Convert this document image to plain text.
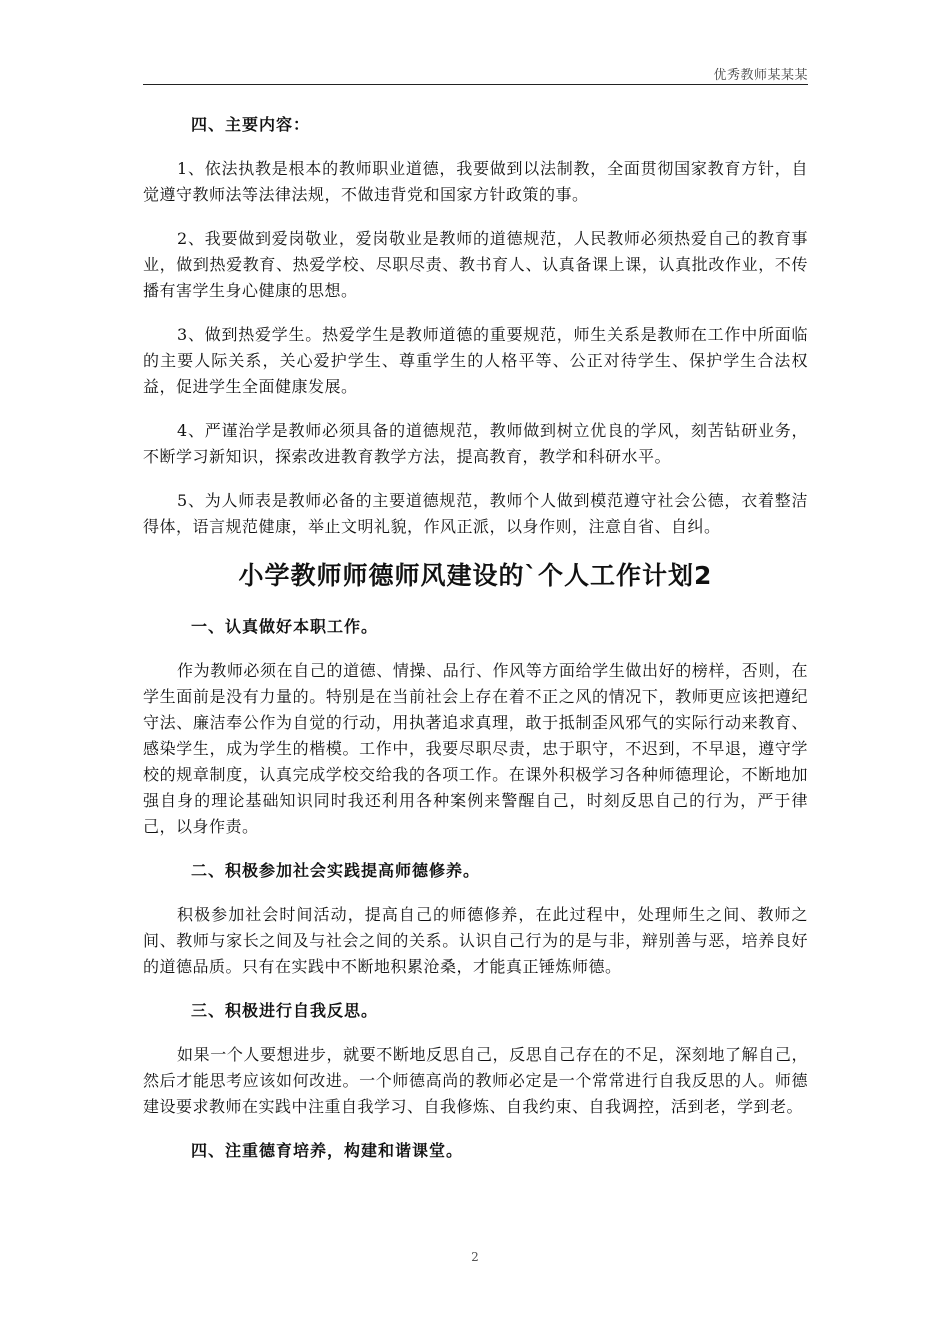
优秀教师某某某

四、主要内容：

1、依法执教是根本的教师职业道德，我要做到以法制教，全面贯彻国家教育方针，自觉遵守教师法等法律法规，不做违背党和国家方针政策的事。

2、我要做到爱岗敬业，爱岗敬业是教师的道德规范，人民教师必须热爱自己的教育事业，做到热爱教育、热爱学校、尽职尽责、教书育人、认真备课上课，认真批改作业，不传播有害学生身心健康的思想。

3、做到热爱学生。热爱学生是教师道德的重要规范，师生关系是教师在工作中所面临的主要人际关系，关心爱护学生、尊重学生的人格平等、公正对待学生、保护学生合法权益，促进学生全面健康发展。

4、严谨治学是教师必须具备的道德规范，教师做到树立优良的学风，刻苦钻研业务，不断学习新知识，探索改进教育教学方法，提高教育，教学和科研水平。

5、为人师表是教师必备的主要道德规范，教师个人做到模范遵守社会公德，衣着整洁得体，语言规范健康，举止文明礼貌，作风正派，以身作则，注意自省、自纠。

小学教师师德师风建设的`个人工作计划2

一、认真做好本职工作。

作为教师必须在自己的道德、情操、品行、作风等方面给学生做出好的榜样，否则，在学生面前是没有力量的。特别是在当前社会上存在着不正之风的情况下，教师更应该把遵纪守法、廉洁奉公作为自觉的行动，用执著追求真理，敢于抵制歪风邪气的实际行动来教育、感染学生，成为学生的楷模。工作中，我要尽职尽责，忠于职守，不迟到，不早退，遵守学校的规章制度，认真完成学校交给我的各项工作。在课外积极学习各种师德理论，不断地加强自身的理论基础知识同时我还利用各种案例来警醒自己，时刻反思自己的行为，严于律己，以身作责。

二、积极参加社会实践提高师德修养。

积极参加社会时间活动，提高自己的师德修养，在此过程中，处理师生之间、教师之间、教师与家长之间及与社会之间的关系。认识自己行为的是与非，辩别善与恶，培养良好的道德品质。只有在实践中不断地积累沧桑，才能真正锤炼师德。

三、积极进行自我反思。

如果一个人要想进步，就要不断地反思自己，反思自己存在的不足，深刻地了解自己，然后才能思考应该如何改进。一个师德高尚的教师必定是一个常常进行自我反思的人。师德建设要求教师在实践中注重自我学习、自我修炼、自我约束、自我调控，活到老，学到老。

四、注重德育培养，构建和谐课堂。

2
